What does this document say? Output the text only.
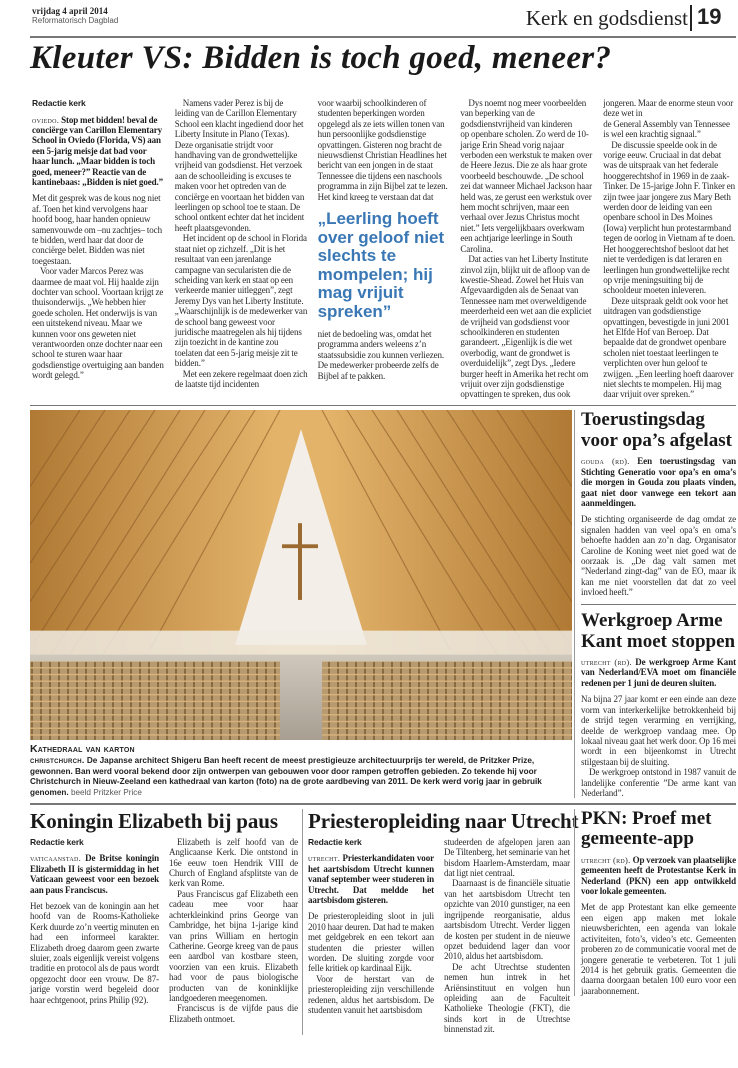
vrijdag 4 april 2014
Reformatorisch Dagblad	Kerk en godsdienst 19
Kleuter VS: Bidden is toch goed, meneer?
Redactie kerk

oviedo. Stop met bidden! beval de conciërge van Carillon Elementary School in Oviedo (Florida, VS) aan een 5-jarig meisje dat bad voor haar lunch. „Maar bidden is toch goed, meneer?” Reactie van de kantinebaas: „Bidden is niet goed.”

Met dit gesprek was de kous nog niet af. Toen het kind vervolgens haar hoofd boog, haar handen opnieuw samenvouwde om –nu zachtjes– toch te bidden, werd haar dat door de conciërge belet. Bidden was niet toegestaan.

Voor vader Marcos Perez was daarmee de maat vol. Hij haalde zijn dochter van school. Voortaan krijgt ze thuisonderwijs. „We hebben hier goede scholen. Het onderwijs is van een uitstekend niveau. Maar we kunnen voor ons geweten niet verantwoorden onze dochter naar een school te sturen waar haar godsdienstige overtuiging aan banden wordt gelegd.”

Namens vader Perez is bij de leiding van de Carillon Elementary School een klacht ingediend door het Liberty Insitute in Plano (Texas). Deze organisatie strijdt voor handhaving van de grondwettelijke vrijheid van godsdienst. Het verzoek aan de schoolleiding is excuses te maken voor het optreden van de conciërge en voortaan het bidden van leerlingen op school toe te staan. De school ontkent echter dat het incident heeft plaatsgevonden.

Het incident op de school in Florida staat niet op zichzelf. „Dit is het resultaat van een jarenlange campagne van secularisten die de scheiding van kerk en staat op een verkeerde manier uitleggen”, zegt Jeremy Dys van het Liberty Institute. „Waarschijnlijk is de medewerker van de school bang geweest voor juridische maatregelen als hij tijdens zijn toezicht in de kantine zou toelaten dat een 5-jarig meisje zit te bidden.”

Met een zekere regelmaat doen zich de laatste tijd incidenten

voor waarbij schoolkinderen of studenten beperkingen worden opgelegd als ze iets willen tonen van hun persoonlijke godsdienstige opvattingen. Gisteren nog bracht de nieuwsdienst Christian Headlines het bericht van een jongen in de staat Tennessee die tijdens een naschools programma in zijn Bijbel zat te lezen. Het kind kreeg te verstaan dat dat

„Leerling hoeft over geloof niet slechts te mompelen; hij mag vrijuit spreken”

niet de bedoeling was, omdat het programma anders weleens z’n staatssubsidie zou kunnen verliezen. De medewerker probeerde zelfs de Bijbel af te pakken.

Dys noemt nog meer voorbeelden van beperking van de godsdienstvrijheid van kinderen

op openbare scholen. Zo werd de 10-jarige Erin Shead vorig najaar verboden een werkstuk te maken over de Heere Jezus. Die ze als haar grote voorbeeld beschouwde. „De school zei dat wanneer Michael Jackson haar held was, ze gerust een werkstuk over hem mocht schrijven, maar een verhaal over Jezus Christus mocht niet.” Iets vergelijkbaars overkwam een achtjarige leerlinge in South Carolina.

Dat acties van het Liberty Institute zinvol zijn, blijkt uit de afloop van de kwestie-Shead. Zowel het Huis van Afgevaardigden als de Senaat van Tennessee nam met overweldigende meerderheid een wet aan die expliciet de vrijheid van godsdienst voor schoolkinderen en studenten garandeert. „Eigenlijk is die wet overbodig, want de grondwet is overduidelijk”, zegt Dys. „Iedere burger heeft in Amerika het recht om vrijuit over zijn godsdienstige opvattingen te spreken, dus ook jongeren. Maar de enorme steun voor deze wet in

de General Assembly van Tennessee is wel een krachtig signaal.”

De discussie speelde ook in de vorige eeuw. Cruciaal in dat debat was de uitspraak van het federale hooggerechtshof in 1969 in de zaak-Tinker. De 15-jarige John F. Tinker en zijn twee jaar jongere zus Mary Beth werden door de leiding van een openbare school in Des Moines (Iowa) verplicht hun protestarmband tegen de oorlog in Vietnam af te doen. Het hooggerechtshof besloot dat het niet te verdedigen is dat leraren en leerlingen hun grondwettelijke recht op vrije meningsuiting bij de schooldeur moeten inleveren.

Deze uitspraak geldt ook voor het uitdragen van godsdienstige opvattingen, bevestigde in juni 2001 het Elfde Hof van Beroep. Dat bepaalde dat de grondwet openbare scholen niet toestaat leerlingen te verplichten over hun geloof te zwijgen. „Een leerling hoeft daarover niet slechts te mompelen. Hij mag daar vrijuit over spreken.”

Kathedraal van karton
christchurch. De Japanse architect Shigeru Ban heeft recent de meest prestigieuze architectuurprijs ter wereld, de Pritzker Prize, gewonnen. Ban werd vooral bekend door zijn ontwerpen van gebouwen voor door rampen getroffen gebieden. Zo tekende hij voor Christchurch in Nieuw-Zeeland een kathedraal van karton (foto) na de grote aardbeving van 2011. De kerk werd vorig jaar in gebruik genomen. beeld Pritzker Price
Toerustingsdag voor opa’s afgelast

gouda (rd). Een toerustingsdag van Stichting Generatio voor opa’s en oma’s die morgen in Gouda zou plaats vinden, gaat niet door vanwege een tekort aan aanmeldingen.

De stichting organiseerde de dag omdat ze signalen hadden van veel opa’s en oma’s behoefte hadden aan zo’n dag. Organisator Caroline de Koning weet niet goed wat de oorzaak is. „De dag valt samen met ”Nederland zingt-dag” van de EO, maar ik kan me niet voorstellen dat dat zo veel invloed heeft.”

Werkgroep Arme Kant moet stoppen

utrecht (rd). De werkgroep Arme Kant van Nederland/EVA moet om financiële redenen per 1 juni de deuren sluiten.

Na bijna 27 jaar komt er een einde aan deze vorm van interkerkelijke betrokkenheid bij de strijd tegen verarming en verrijking, deelde de werkgroep vandaag mee. Op lokaal niveau gaat het werk door. Op 16 mei wordt in een bijeenkomst in Utrecht stilgestaan bij de sluiting.

De werkgroep ontstond in 1987 vanuit de landelijke conferentie ”De arme kant van Nederland”.

Koningin Elizabeth bij paus
Redactie kerk

vaticaanstad. De Britse koningin Elizabeth II is gistermiddag in het Vaticaan geweest voor een bezoek aan paus Franciscus.

Het bezoek van de koningin aan het hoofd van de Rooms-Katholieke Kerk duurde zo’n veertig minuten en had een informeel karakter. Elizabeth droeg daarom geen zwarte sluier, zoals eigenlijk vereist volgens traditie en protocol als de paus wordt opgezocht door een vrouw. De 87-jarige vorstin werd begeleid door haar echtgenoot, prins Philip (92).

Elizabeth is zelf hoofd van de Anglicaanse Kerk. Die ontstond in 16e eeuw toen Hendrik VIII de Church of England afsplitste van de kerk van Rome.

Paus Franciscus gaf Elizabeth een cadeau mee voor haar achterkleinkind prins George van Cambridge, het bijna 1-jarige kind van prins William en hertogin Catherine. George kreeg van de paus een aardbol van kostbare steen, voorzien van een kruis. Elizabeth had voor de paus biologische producten van de koninklijke landgoederen meegenomen.

Franciscus is de vijfde paus die Elizabeth ontmoet.

Priesteropleiding naar Utrecht
Redactie kerk

utrecht. Priesterkandidaten voor het aartsbisdom Utrecht kunnen vanaf september weer studeren in Utrecht. Dat meldde het aartsbisdom gisteren.

De priesteropleiding sloot in juli 2010 haar deuren. Dat had te maken met geldgebrek en een tekort aan studenten die priester willen worden. De sluiting zorgde voor felle kritiek op kardinaal Eijk.

Voor de herstart van de priesteropleiding zijn verschillende redenen, aldus het aartsbisdom. De studenten vanuit het aartsbisdom

studeerden de afgelopen jaren aan De Tiltenberg, het seminarie van het bisdom Haarlem-Amsterdam, maar dat ligt niet centraal.

Daarnaast is de financiële situatie van het aartsbisdom Utrecht ten opzichte van 2010 gunstiger, na een ingrijpende reorganisatie, aldus aartsbisdom Utrecht. Verder liggen de kosten per student in de nieuwe opzet beduidend lager dan voor 2010, aldus het aartsbisdom.

De acht Utrechtse studenten nemen hun intrek in het Ariënsinstituut en volgen hun opleiding aan de Faculteit Katholieke Theologie (FKT), die sinds kort in de Utrechtse binnenstad zit.

PKN: Proef met gemeente-app

utrecht (rd). Op verzoek van plaatselijke gemeenten heeft de Protestantse Kerk in Nederland (PKN) een app ontwikkeld voor lokale gemeenten.

Met de app Protestant kan elke gemeente een eigen app maken met lokale nieuwsberichten, een agenda van lokale activiteiten, foto’s, video’s etc. Gemeenten proberen zo de communicatie vooral met de jongere generatie te verbeteren. Tot 1 juli 2014 is het gebruik gratis. Gemeenten die daarna doorgaan betalen 100 euro voor een jaarabonnement.
